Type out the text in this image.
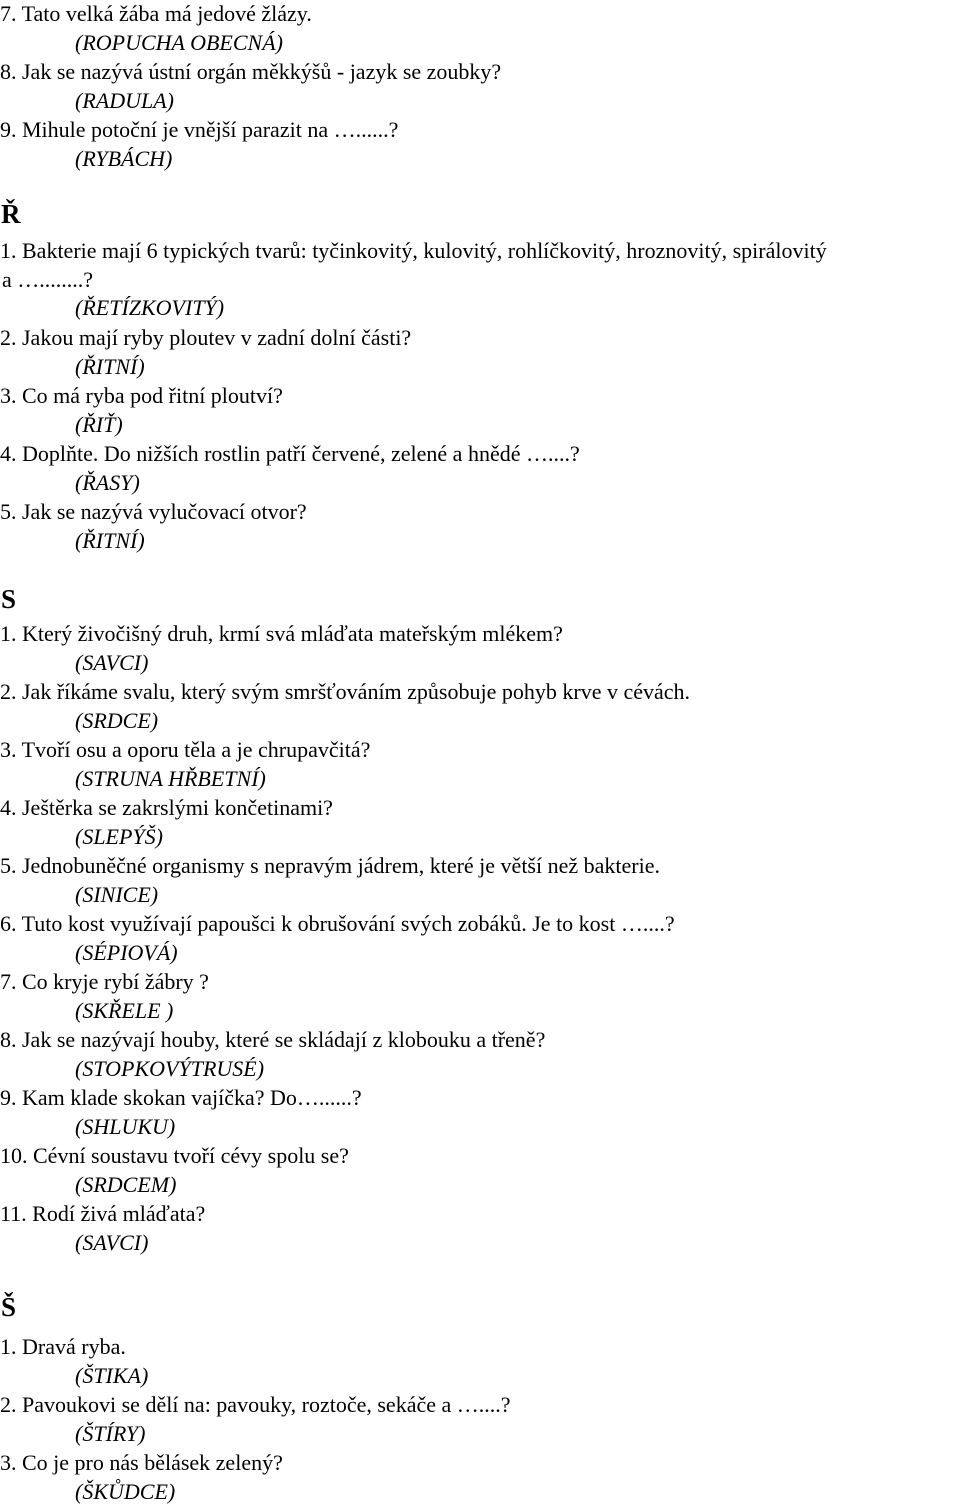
7. Tato velká žába má jedové žlázy.
(ROPUCHA OBECNÁ)
8. Jak se nazývá ústní orgán měkkýšů - jazyk se zoubky?
(RADULA)
9. Mihule potoční je vnější parazit na …......?
(RYBÁCH)
Ř
1. Bakterie mají 6 typických tvarů: tyčinkovitý, kulovitý, rohlíčkovitý, hroznovitý, spirálovitý
a …........?
(ŘETÍZKOVITÝ)
2. Jakou mají ryby ploutev v zadní dolní části?
(ŘITNÍ)
3. Co má ryba pod řitní ploutví?
(ŘIŤ)
4. Doplňte. Do nižších rostlin patří červené, zelené a hnědé …....?
(ŘASY)
5. Jak se nazývá vylučovací otvor?
(ŘITNÍ)
S
1. Který živočišný druh, krmí svá mláďata mateřským mlékem?
(SAVCI)
2. Jak říkáme svalu, který svým smršťováním způsobuje pohyb krve v cévách.
(SRDCE)
3. Tvoří osu a oporu těla a je chrupavčitá?
(STRUNA HŘBETNÍ)
4. Ještěrka se zakrslými končetinami?
(SLEPÝŠ)
5. Jednobuněčné organismy s nepravým jádrem, které je větší než bakterie.
(SINICE)
6. Tuto kost využívají papoušci k obrušování svých zobáků. Je to kost …....?
(SÉPIOVÁ)
7. Co kryje rybí žábry ?
(SKŘELE )
8. Jak se nazývají houby, které se skládají z klobouku a třeně?
(STOPKOVÝTRUSÉ)
9. Kam klade skokan vajíčka? Do…......?
(SHLUKU)
10. Cévní soustavu tvoří cévy spolu se?
(SRDCEM)
11. Rodí živá mláďata?
(SAVCI)
Š
1. Dravá ryba.
(ŠTIKA)
2. Pavoukovi se dělí na: pavouky, roztoče, sekáče a …....?
(ŠTÍRY)
3. Co je pro nás bělásek zelený?
(ŠKŮDCE)
